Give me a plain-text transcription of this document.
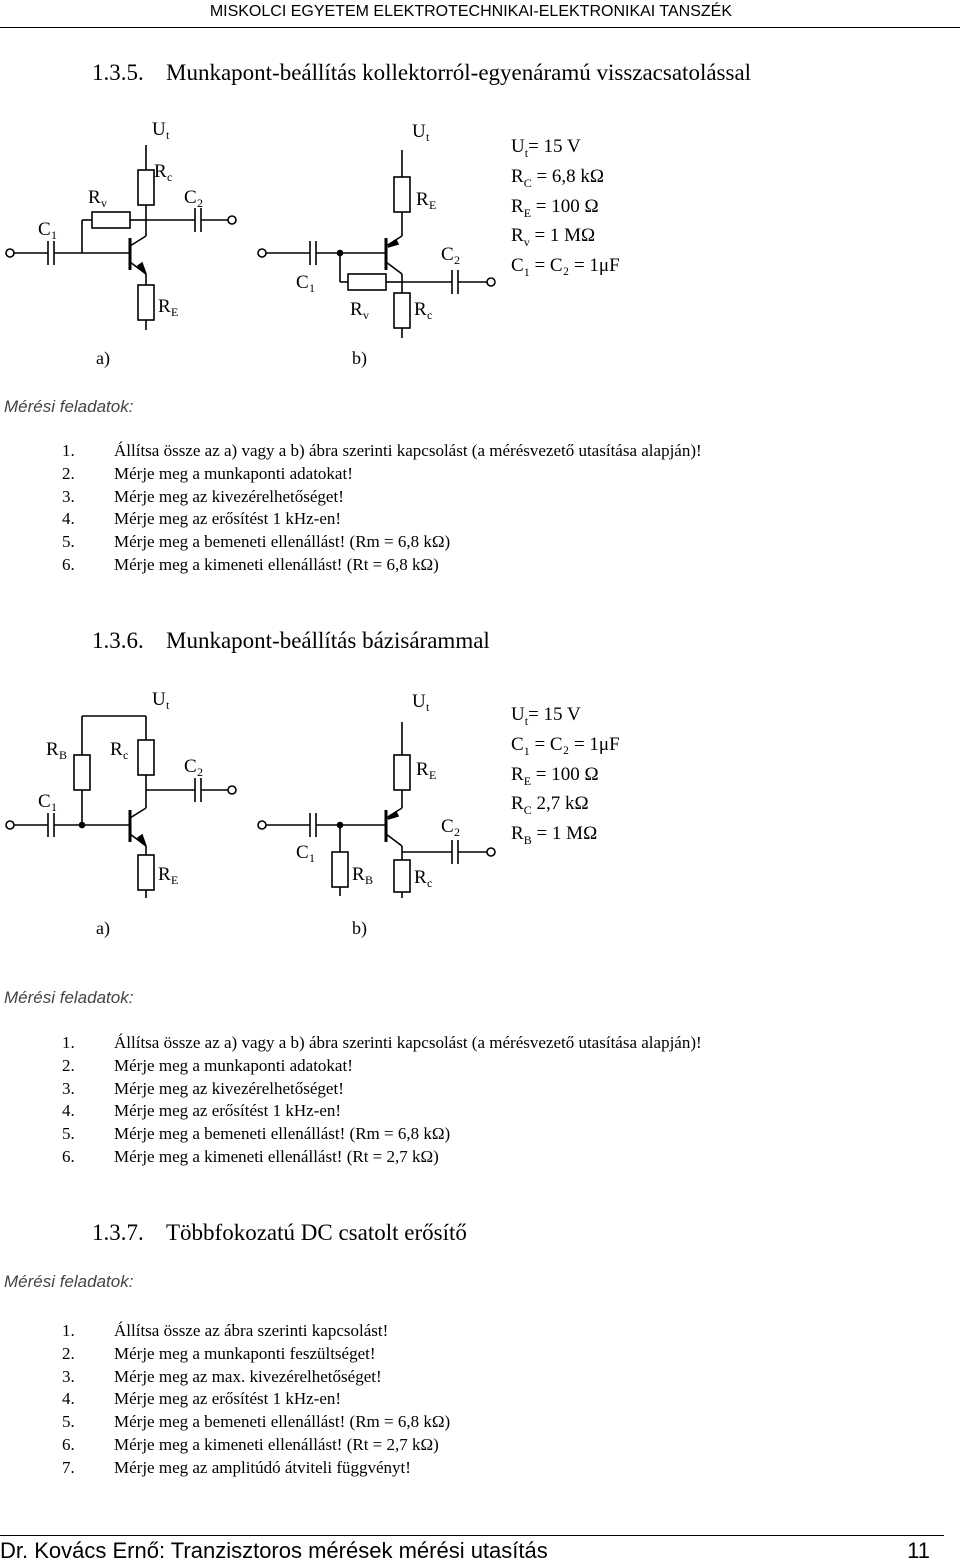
MISKOLCI EGYETEM ELEKTROTECHNIKAI-ELEKTRONIKAI TANSZÉK
1.3.5. Munkapont-beállítás kollektorról-egyenáramú visszacsatolással
U t
R c
R v	C 2
C 1
R E
U t
R E
C 2
C 1
R v R c
$U_t= 15$ V
$R_C = 6,8$ kΩ
$R_E = 100$ Ω
$R_v = 1$ MΩ
$C_1 = C_2 = 1\mu F$
a)	b)
Mérési feladatok:
1. Állítsa össze az a) vagy a b) ábra szerinti kapcsolást (a mérésvezető utasítása alapján)!
2. Mérje meg a munkaponti adatokat!
3. Mérje meg az kivezérelhetőséget!
4. Mérje meg az erősítést 1 kHz-en!
5. Mérje meg a bemeneti ellenállást! (Rm = 6,8 kΩ)
6. Mérje meg a kimeneti ellenállást! (Rt = 6,8 kΩ)
1.3.6. Munkapont-beállítás bázisárammal
U t
R B R c
C 2
C 1
R E
U t
R E
C 2
C 1
R B R c
$U_t= 15$ V
$C_1 = C_2 = 1\mu F$
$R_E = 100$ Ω
$R_C$ 2,7 kΩ
$R_B = 1$ MΩ
a)	b)
Mérési feladatok:
1. Állítsa össze az a) vagy a b) ábra szerinti kapcsolást (a mérésvezető utasítása alapján)!
2. Mérje meg a munkaponti adatokat!
3. Mérje meg az kivezérelhetőséget!
4. Mérje meg az erősítést 1 kHz-en!
5. Mérje meg a bemeneti ellenállást! (Rm = 6,8 kΩ)
6. Mérje meg a kimeneti ellenállást! (Rt = 2,7 kΩ)
1.3.7. Többfokozatú DC csatolt erősítő
Mérési feladatok:
1. Állítsa össze az ábra szerinti kapcsolást!
2. Mérje meg a munkaponti feszültséget!
3. Mérje meg az max. kivezérelhetőséget!
4. Mérje meg az erősítést 1 kHz-en!
5. Mérje meg a bemeneti ellenállást! (Rm = 6,8 kΩ)
6. Mérje meg a kimeneti ellenállást! (Rt = 2,7 kΩ)
7. Mérje meg az amplitúdó átviteli függvényt!
Dr. Kovács Ernő: Tranzisztoros mérések mérési utasítás	11
